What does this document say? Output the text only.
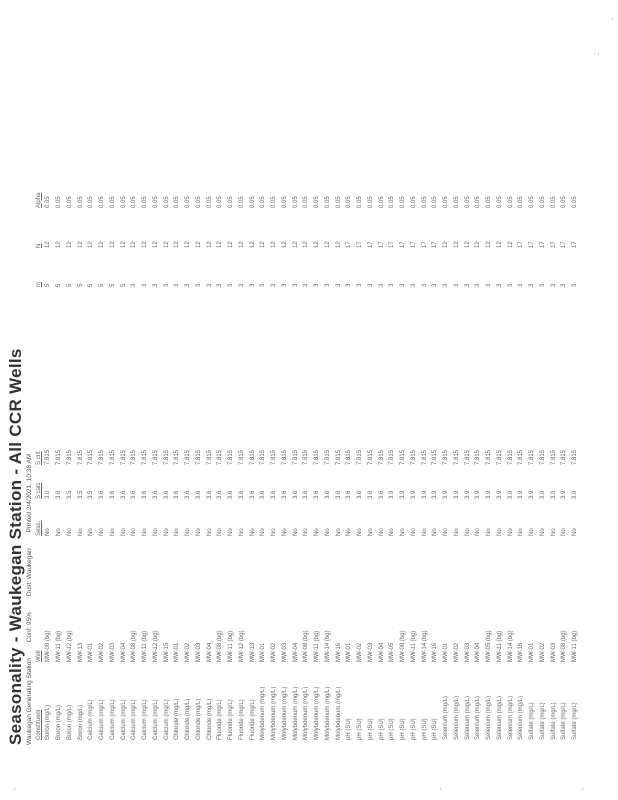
Seasonality - Waukegan Station - All CCR Wells Waukegan Generating Station Conf: 95% Dust: Waukegan Printed 2/4/2021, 10:36 AM
Constituent	Well	Seas.	S calc	S crit	m	N	Alpha
Boron (mg/L)	MW-08 (bg)	No	3.0	7.815	5	12	0.05
Boron (mg/L)	MW-11 (bg)	No	3.6	7.815	5	12	0.05
Boron (mg/L)	MW-12 (bg)	No	3.5	7.815	5	12	0.05
Boron (mg/L)	MW-13	No	3.5	7.815	5	12	0.05
Calcium (mg/L)	MW-01	No	3.5	7.815	5	12	0.05
Calcium (mg/L)	MW-02	No	3.6	7.815	5	12	0.05
Calcium (mg/L)	MW-03	No	3.6	7.815	5	12	0.05
Calcium (mg/L)	MW-04	No	3.6	7.815	5	12	0.05
Calcium (mg/L)	MW-08 (bg)	No	3.6	7.815	3	12	0.05
Calcium (mg/L)	MW-11 (bg)	No	3.6	7.815	3	12	0.05
Calcium (mg/L)	MW-12 (bg)	No	3.6	7.815	3	12	0.05
Calcium (mg/L)	MW-15	No	3.6	7.815	3	12	0.05
Chloride (mg/L)	MW-01	No	3.6	7.815	3	12	0.05
Chloride (mg/L)	MW-02	No	3.6	7.815	3	12	0.05
Chloride (mg/L)	MW-03	No	3.6	7.815	3	12	0.05
Chloride (mg/L)	MW-04	No	3.6	7.815	3	12	0.05
Fluoride (mg/L)	MW-08 (bg)	No	3.6	7.815	3	12	0.05
Fluoride (mg/L)	MW-11 (bg)	No	3.6	7.815	3	12	0.05
Fluoride (mg/L)	MW-12 (bg)	No	3.6	7.815	3	12	0.05
Fluoride (mg/L)	MW-13	No	3.6	7.815	3	12	0.05
Molybdenum (mg/L)	MW-01	No	3.6	7.815	3	12	0.05
Molybdenum (mg/L)	MW-02	No	3.6	7.815	3	12	0.05
Molybdenum (mg/L)	MW-03	No	3.6	7.815	3	12	0.05
Molybdenum (mg/L)	MW-04	No	3.6	7.815	3	12	0.05
Molybdenum (mg/L)	MW-08 (bg)	No	3.6	7.815	3	12	0.05
Molybdenum (mg/L)	MW-11 (bg)	No	3.6	7.815	3	12	0.05
Molybdenum (mg/L)	MW-14 (bg)	No	3.6	7.815	3	12	0.05
Molybdenum (mg/L)	MW-16	No	3.6	7.815	3	12	0.05
pH (SU)	MW-01	No	3.6	7.815	3	17	0.05
pH (SU)	MW-02	No	3.6	7.815	3	17	0.05
pH (SU)	MW-03	No	3.6	7.815	3	17	0.05
pH (SU)	MW-04	No	3.6	7.815	3	17	0.05
pH (SU)	MW-05	No	3.9	7.815	3	17	0.05
pH (SU)	MW-08 (bg)	No	3.9	7.815	3	17	0.05
pH (SU)	MW-11 (bg)	No	3.9	7.815	3	17	0.05
pH (SU)	MW-14 (bg)	No	3.9	7.815	3	17	0.05
pH (SU)	MW-16	No	3.9	7.815	3	17	0.05
Selenium (mg/L)	MW-01	No	3.9	7.815	3	12	0.05
Selenium (mg/L)	MW-02	No	3.9	7.815	3	12	0.05
Selenium (mg/L)	MW-03	No	3.9	7.815	3	12	0.05
Selenium (mg/L)	MW-04	No	3.9	7.815	3	12	0.05
Selenium (mg/L)	MW-05 (bg)	No	3.9	7.815	3	12	0.05
Selenium (mg/L)	MW-11 (bg)	No	3.9	7.815	3	12	0.05
Selenium (mg/L)	MW-14 (bg)	No	3.9	7.815	3	12	0.05
Selenium (mg/L)	MW-16	No	3.9	7.815	3	17	0.05
Sulfate (mg/L)	MW-01	No	3.9	7.815	3	17	0.05
Sulfate (mg/L)	MW-02	No	3.9	7.815	3	17	0.05
Sulfate (mg/L)	MW-03	No	3.9	7.815	3	17	0.05
Sulfate (mg/L)	MW-08 (bg)	No	3.9	7.815	3	17	0.05
Sulfate (mg/L)	MW-11 (bg)	No	3.9	7.815	3	17	0.05
·
·
·
:
·
